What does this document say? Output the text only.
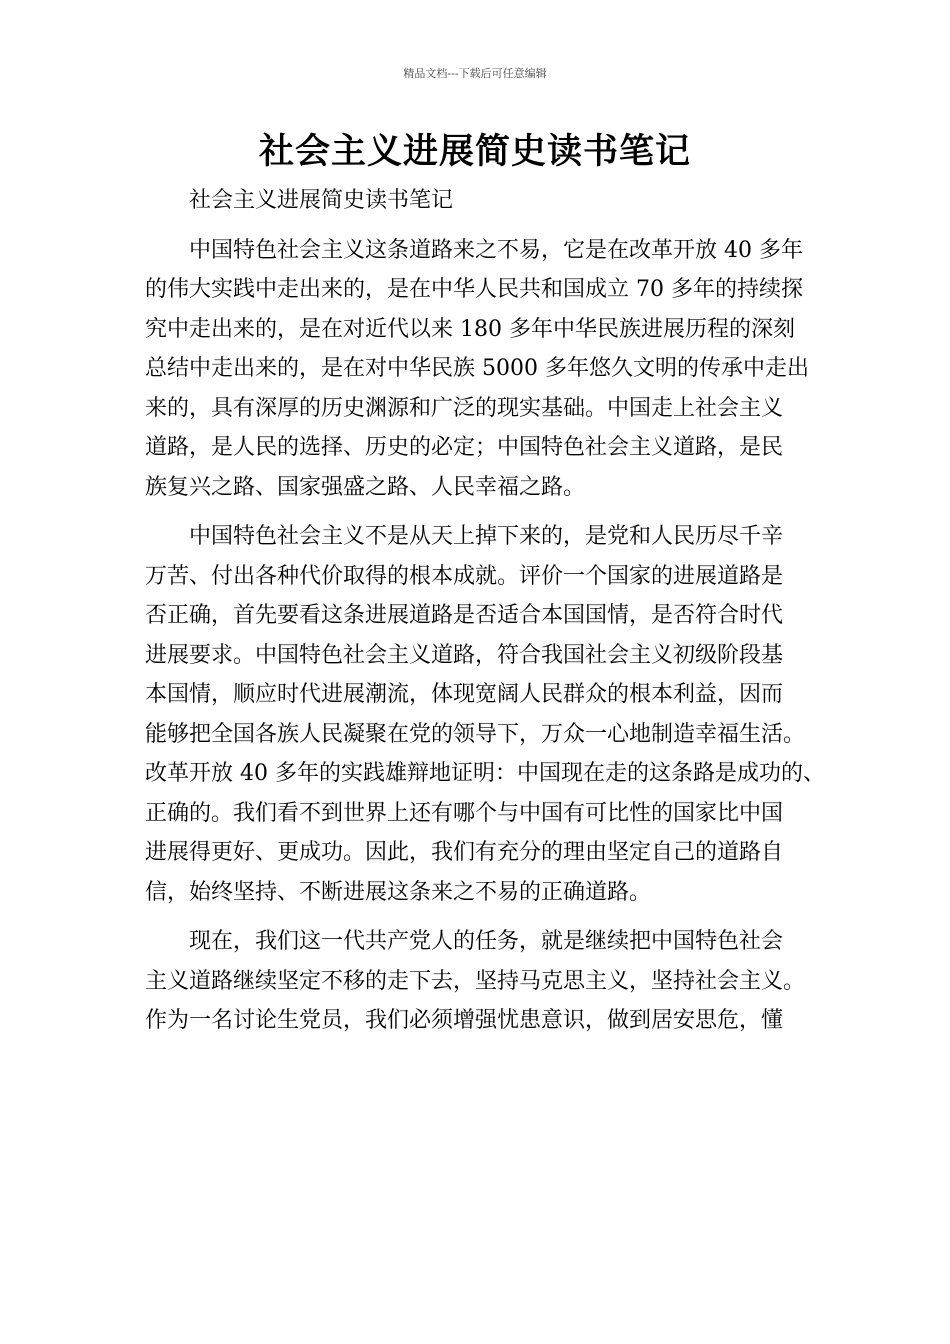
精品文档---下载后可任意编辑
社会主义进展简史读书笔记

社会主义进展简史读书笔记

中国特色社会主义这条道路来之不易，它是在改革开放 40 多年
的伟大实践中走出来的，是在中华人民共和国成立 70 多年的持续探
究中走出来的，是在对近代以来 180 多年中华民族进展历程的深刻
总结中走出来的，是在对中华民族 5000 多年悠久文明的传承中走出
来的，具有深厚的历史渊源和广泛的现实基础。中国走上社会主义
道路，是人民的选择、历史的必定；中国特色社会主义道路，是民
族复兴之路、国家强盛之路、人民幸福之路。

中国特色社会主义不是从天上掉下来的，是党和人民历尽千辛
万苦、付出各种代价取得的根本成就。评价一个国家的进展道路是
否正确，首先要看这条进展道路是否适合本国国情，是否符合时代
进展要求。中国特色社会主义道路，符合我国社会主义初级阶段基
本国情，顺应时代进展潮流，体现宽阔人民群众的根本利益，因而
能够把全国各族人民凝聚在党的领导下，万众一心地制造幸福生活。
改革开放 40 多年的实践雄辩地证明：中国现在走的这条路是成功的、
正确的。我们看不到世界上还有哪个与中国有可比性的国家比中国
进展得更好、更成功。因此，我们有充分的理由坚定自己的道路自
信，始终坚持、不断进展这条来之不易的正确道路。

现在，我们这一代共产党人的任务，就是继续把中国特色社会
主义道路继续坚定不移的走下去，坚持马克思主义，坚持社会主义。
作为一名讨论生党员，我们必须增强忧患意识，做到居安思危，懂
